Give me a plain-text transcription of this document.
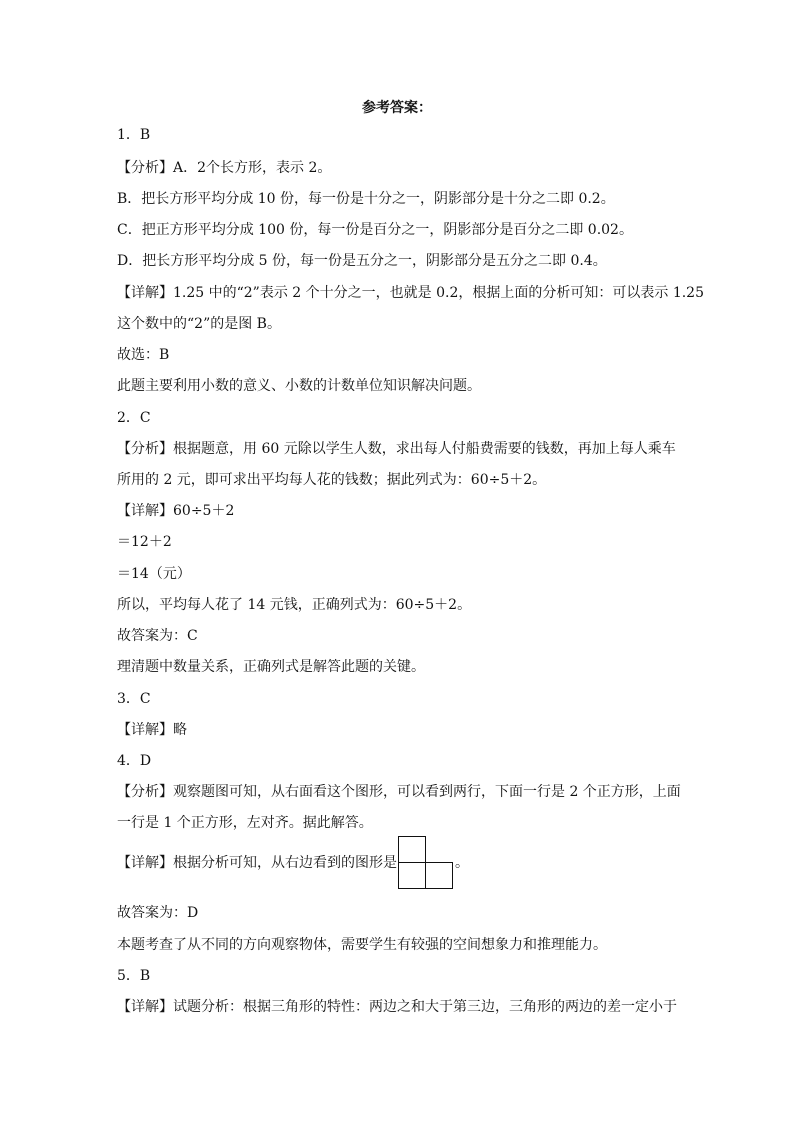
参考答案：
1．B
【分析】A．2个长方形，表示 2。
B．把长方形平均分成 10 份，每一份是十分之一，阴影部分是十分之二即 0.2。
C．把正方形平均分成 100 份，每一份是百分之一，阴影部分是百分之二即 0.02。
D．把长方形平均分成 5 份，每一份是五分之一，阴影部分是五分之二即 0.4。
【详解】1.25 中的“2”表示 2 个十分之一，也就是 0.2，根据上面的分析可知：可以表示 1.25
这个数中的“2”的是图 B。
故选：B
此题主要利用小数的意义、小数的计数单位知识解决问题。
2．C
【分析】根据题意，用 60 元除以学生人数，求出每人付船费需要的钱数，再加上每人乘车
所用的 2 元，即可求出平均每人花的钱数；据此列式为：60÷5＋2。
【详解】60÷5＋2
＝12＋2
＝14（元）
所以，平均每人花了 14 元钱，正确列式为：60÷5＋2。
故答案为：C
理清题中数量关系，正确列式是解答此题的关键。
3．C
【详解】略
4．D
【分析】观察题图可知，从右面看这个图形，可以看到两行，下面一行是 2 个正方形，上面
一行是 1 个正方形，左对齐。据此解答。
【详解】根据分析可知，从右边看到的图形是	。
故答案为：D
本题考查了从不同的方向观察物体，需要学生有较强的空间想象力和推理能力。
5．B
【详解】试题分析：根据三角形的特性：两边之和大于第三边，三角形的两边的差一定小于
